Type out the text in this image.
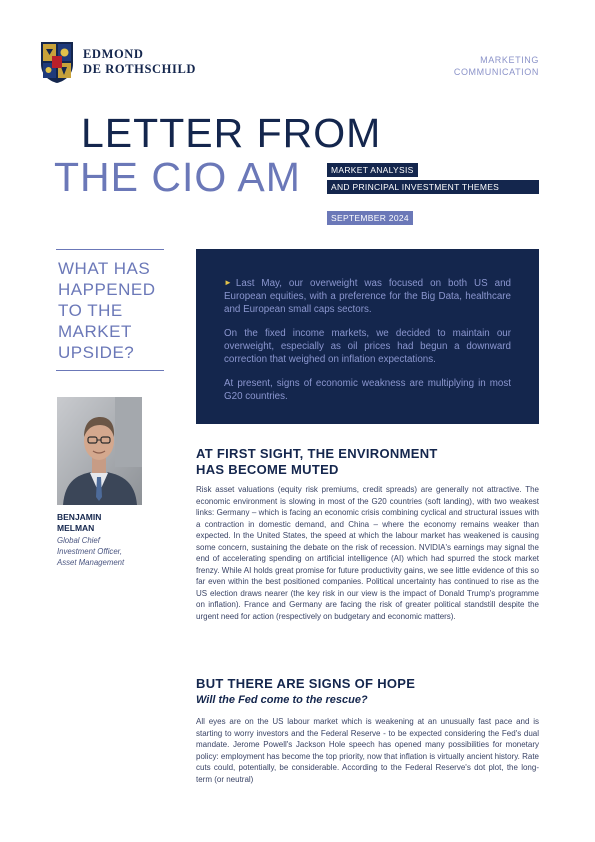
EDMOND
DE ROTHSCHILD
MARKETING
COMMUNICATION
LETTER FROM
THE CIO AM	MARKET ANALYSIS
AND PRINCIPAL INVESTMENT THEMES
SEPTEMBER 2024
WHAT HAS HAPPENED TO THE MARKET UPSIDE?
BENJAMIN
MELMAN
Global Chief
Investment Officer,
Asset Management

► Last May, our overweight was focused on both US and European equities, with a preference for the Big Data, healthcare and European small caps sectors.

On the fixed income markets, we decided to maintain our overweight, especially as oil prices had begun a downward correction that weighed on inflation expectations.

At present, signs of economic weakness are multiplying in most G20 countries.

AT FIRST SIGHT, THE ENVIRONMENT
HAS BECOME MUTED
Risk asset valuations (equity risk premiums, credit spreads) are generally not attractive. The economic environment is slowing in most of the G20 countries (soft landing), with two weakest links: Germany – which is facing an economic crisis combining cyclical and structural issues with a contraction in domestic demand, and China – where the economy remains weaker than expected. In the United States, the speed at which the labour market has weakened is causing some concern, sustaining the debate on the risk of recession. NVIDIA's earnings may signal the end of accelerating spending on artificial intelligence (AI) which had spurred the stock market frenzy. While AI holds great promise for future productivity gains, we see little evidence of this so far even within the best positioned companies. Political uncertainty has continued to rise as the US election draws nearer (the key risk in our view is the impact of Donald Trump's programme on inflation). France and Germany are facing the risk of greater political standstill despite the urgent need for action (respectively on budgetary and economic matters).
BUT THERE ARE SIGNS OF HOPE
Will the Fed come to the rescue?
All eyes are on the US labour market which is weakening at an unusually fast pace and is starting to worry investors and the Federal Reserve - to be expected considering the Fed's dual mandate. Jerome Powell's Jackson Hole speech has opened many possibilities for monetary policy: employment has become the top priority, now that inflation is virtually ancient history. Rate cuts could, potentially, be considerable. According to the Federal Reserve's dot plot, the long-term (or neutral)
